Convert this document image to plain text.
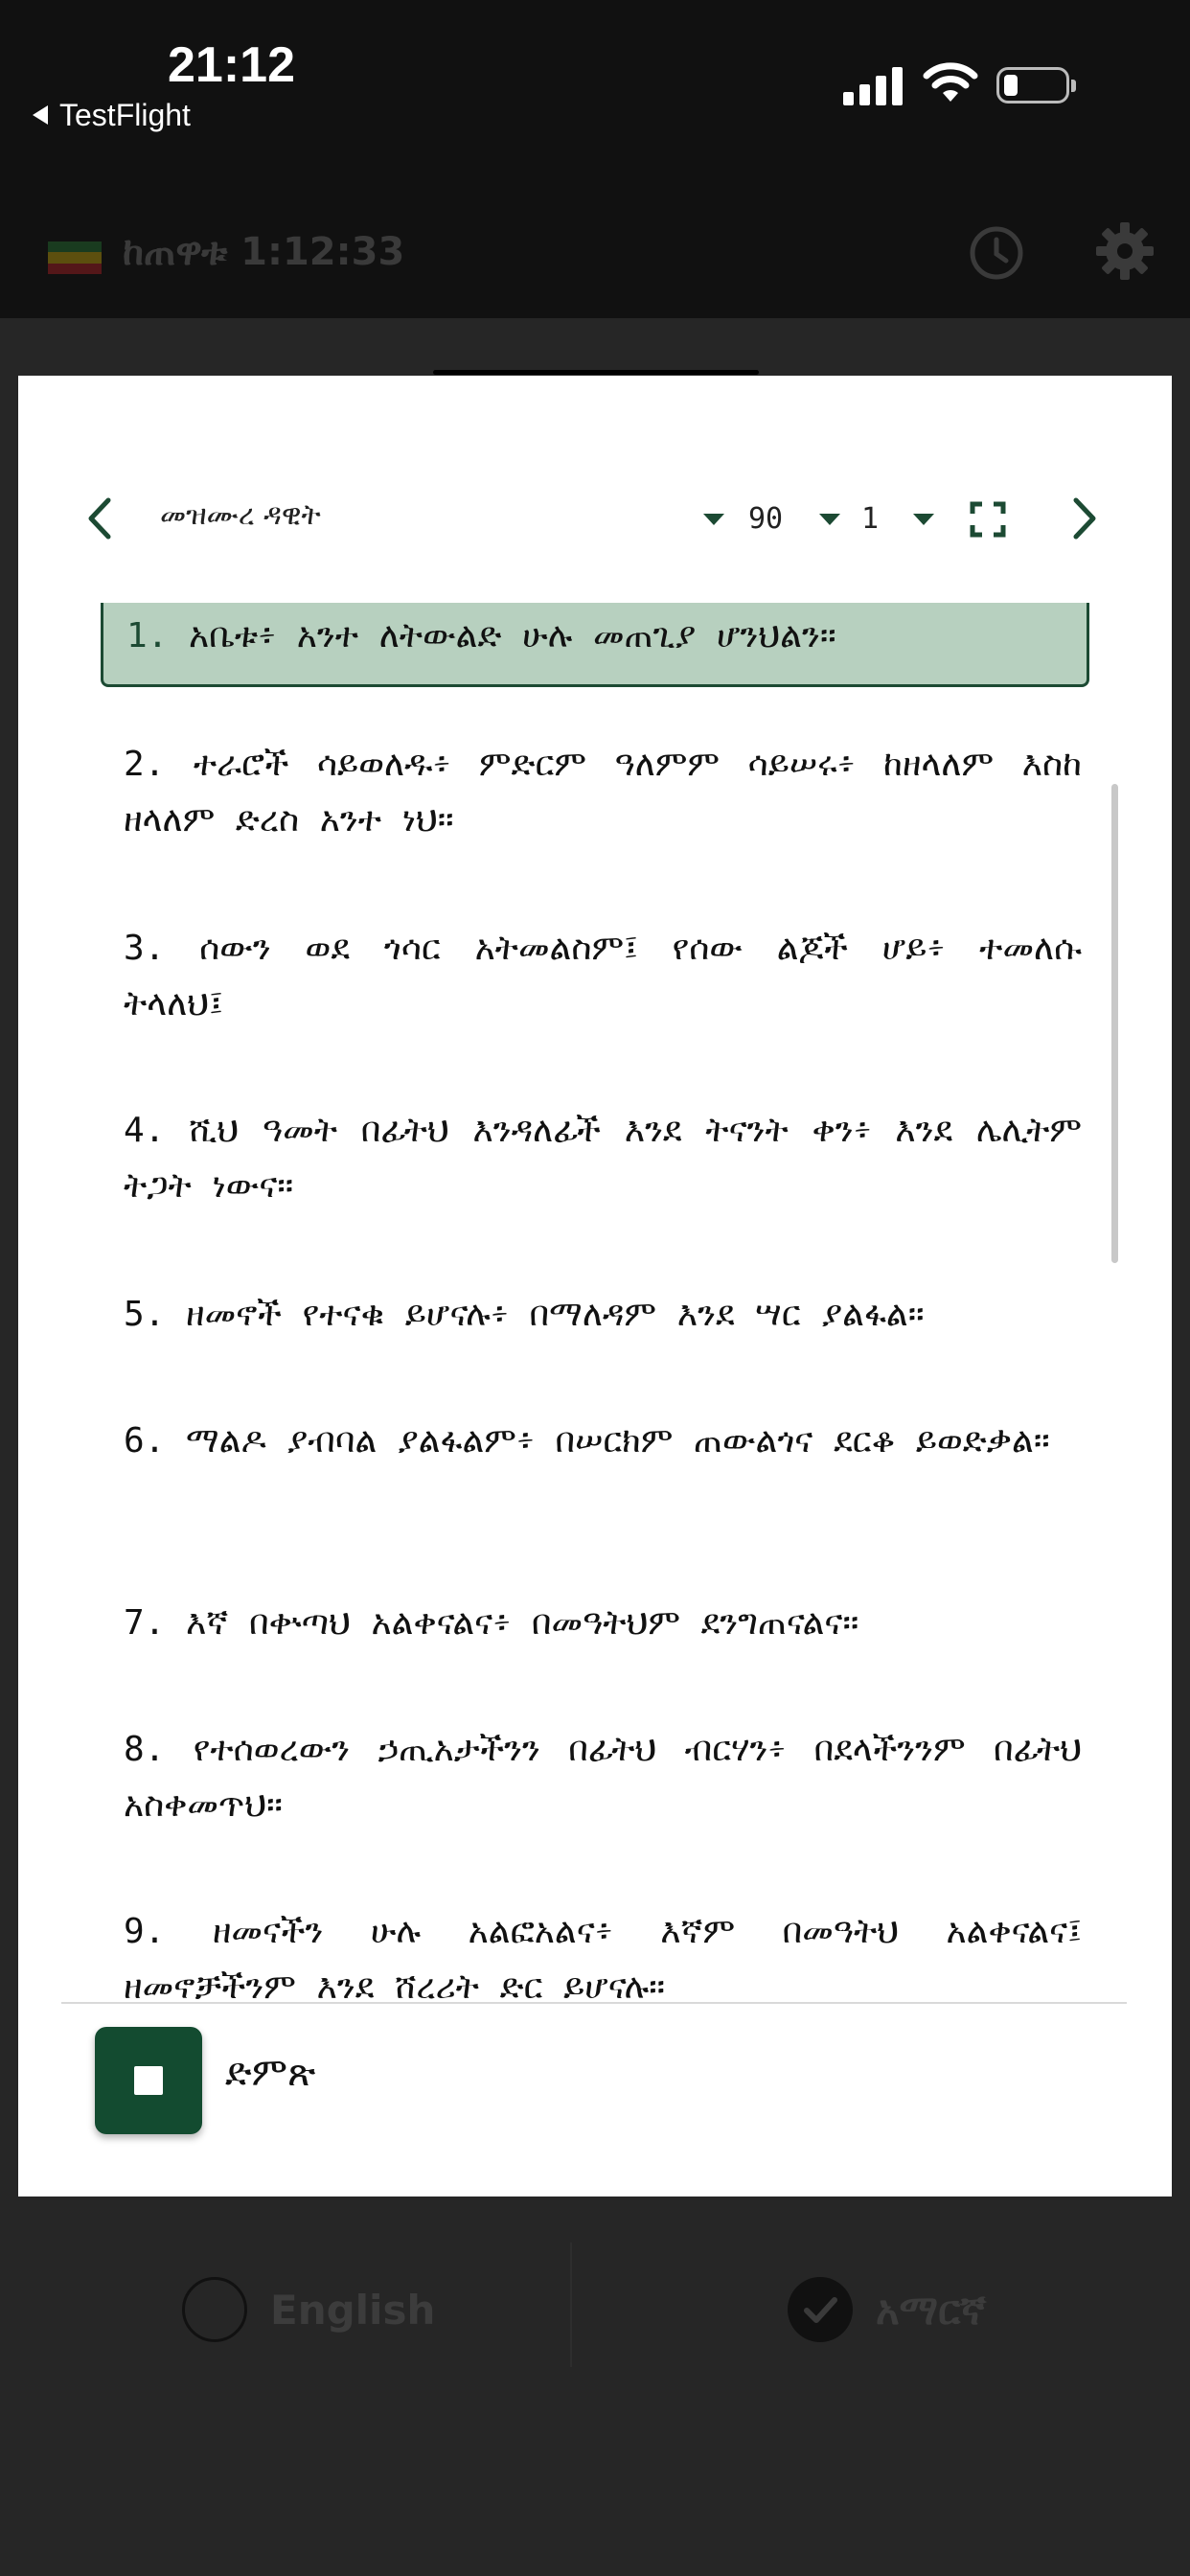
21:12
TestFlight
ከጠዋቱ 1:12:33
English	አማርኛ
መዝሙረ ዳዊት	90	1
1. አቤቱ፥ አንተ ለትውልድ ሁሉ መጠጊያ ሆንህልን።
2. ተራሮች ሳይወለዱ፥ ምድርም ዓለምም ሳይሠሩ፥ ከዘላለም እስከ ዘላለም ድረስ አንተ ነህ።
3. ሰውን ወደ ጎሳር አትመልስም፤ የሰው ልጆች ሆይ፥ ተመለሱ ትላለህ፤
4. ሺህ ዓመት በፊትህ እንዳለፊች እንደ ትናንት ቀን፥ እንደ ሌሊትም ትጋት ነውና።
5. ዘመኖች የተናቁ ይሆናሉ፥ በማለዳም እንደ ሣር ያልፋል።
6. ማልዶ ያብባል ያልፋልም፥ በሠርክም ጠውልጎና ደርቆ ይወድቃል።
7. እኛ በቍጣህ አልቀናልና፥ በመዓትህም ደንግጠናልና።
8. የተሰወረውን ኃጢአታችንን በፊትህ ብርሃን፥ በደላችንንም በፊትህ አስቀመጥህ።
9. ዘመናችን ሁሉ አልፎአልና፥ እኛም በመዓትህ አልቀናልና፤ ዘመኖቻችንም እንደ ሸረሪት ድር ይሆናሉ።
ድምጽ
